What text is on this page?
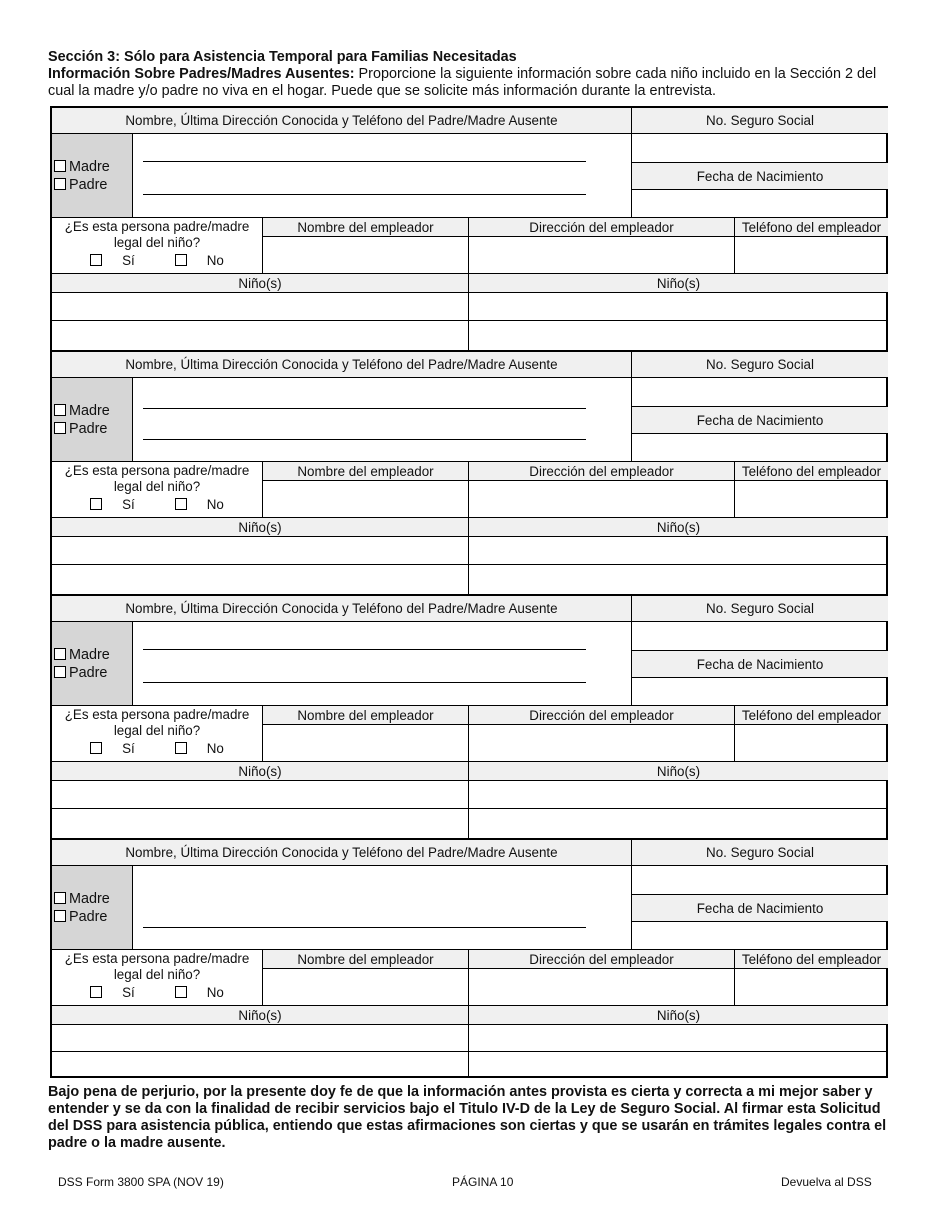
Sección 3: Sólo para Asistencia Temporal para Familias Necesitadas
Información Sobre Padres/Madres Ausentes: Proporcione la siguiente información sobre cada niño incluido en la Sección 2 del cual la madre y/o padre no viva en el hogar. Puede que se solicite más información durante la entrevista.
Nombre, Última Dirección Conocida y Teléfono del Padre/Madre Ausente	No. Seguro Social
Madre
Padre
Fecha de Nacimiento
¿Es esta persona padre/madre legal del niño?
Sí	No
Nombre del empleador	Dirección del empleador	Teléfono del empleador
Niño(s)	Niño(s)
Nombre, Última Dirección Conocida y Teléfono del Padre/Madre Ausente	No. Seguro Social
Madre
Padre
Fecha de Nacimiento
¿Es esta persona padre/madre legal del niño?
Sí	No
Nombre del empleador	Dirección del empleador	Teléfono del empleador
Niño(s)	Niño(s)
Nombre, Última Dirección Conocida y Teléfono del Padre/Madre Ausente	No. Seguro Social
Madre
Padre
Fecha de Nacimiento
¿Es esta persona padre/madre legal del niño?
Sí	No
Nombre del empleador	Dirección del empleador	Teléfono del empleador
Niño(s)	Niño(s)
Nombre, Última Dirección Conocida y Teléfono del Padre/Madre Ausente	No. Seguro Social
Madre
Padre
Fecha de Nacimiento
¿Es esta persona padre/madre legal del niño?
Sí	No
Nombre del empleador	Dirección del empleador	Teléfono del empleador
Niño(s)	Niño(s)
Bajo pena de perjurio, por la presente doy fe de que la información antes provista es cierta y correcta a mi mejor saber y entender y se da con la finalidad de recibir servicios bajo el Titulo IV-D de la Ley de Seguro Social. Al firmar esta Solicitud del DSS para asistencia pública, entiendo que estas afirmaciones son ciertas y que se usarán en trámites legales contra el padre o la madre ausente.
DSS Form 3800 SPA (NOV 19)	PÁGINA 10	Devuelva al DSS
